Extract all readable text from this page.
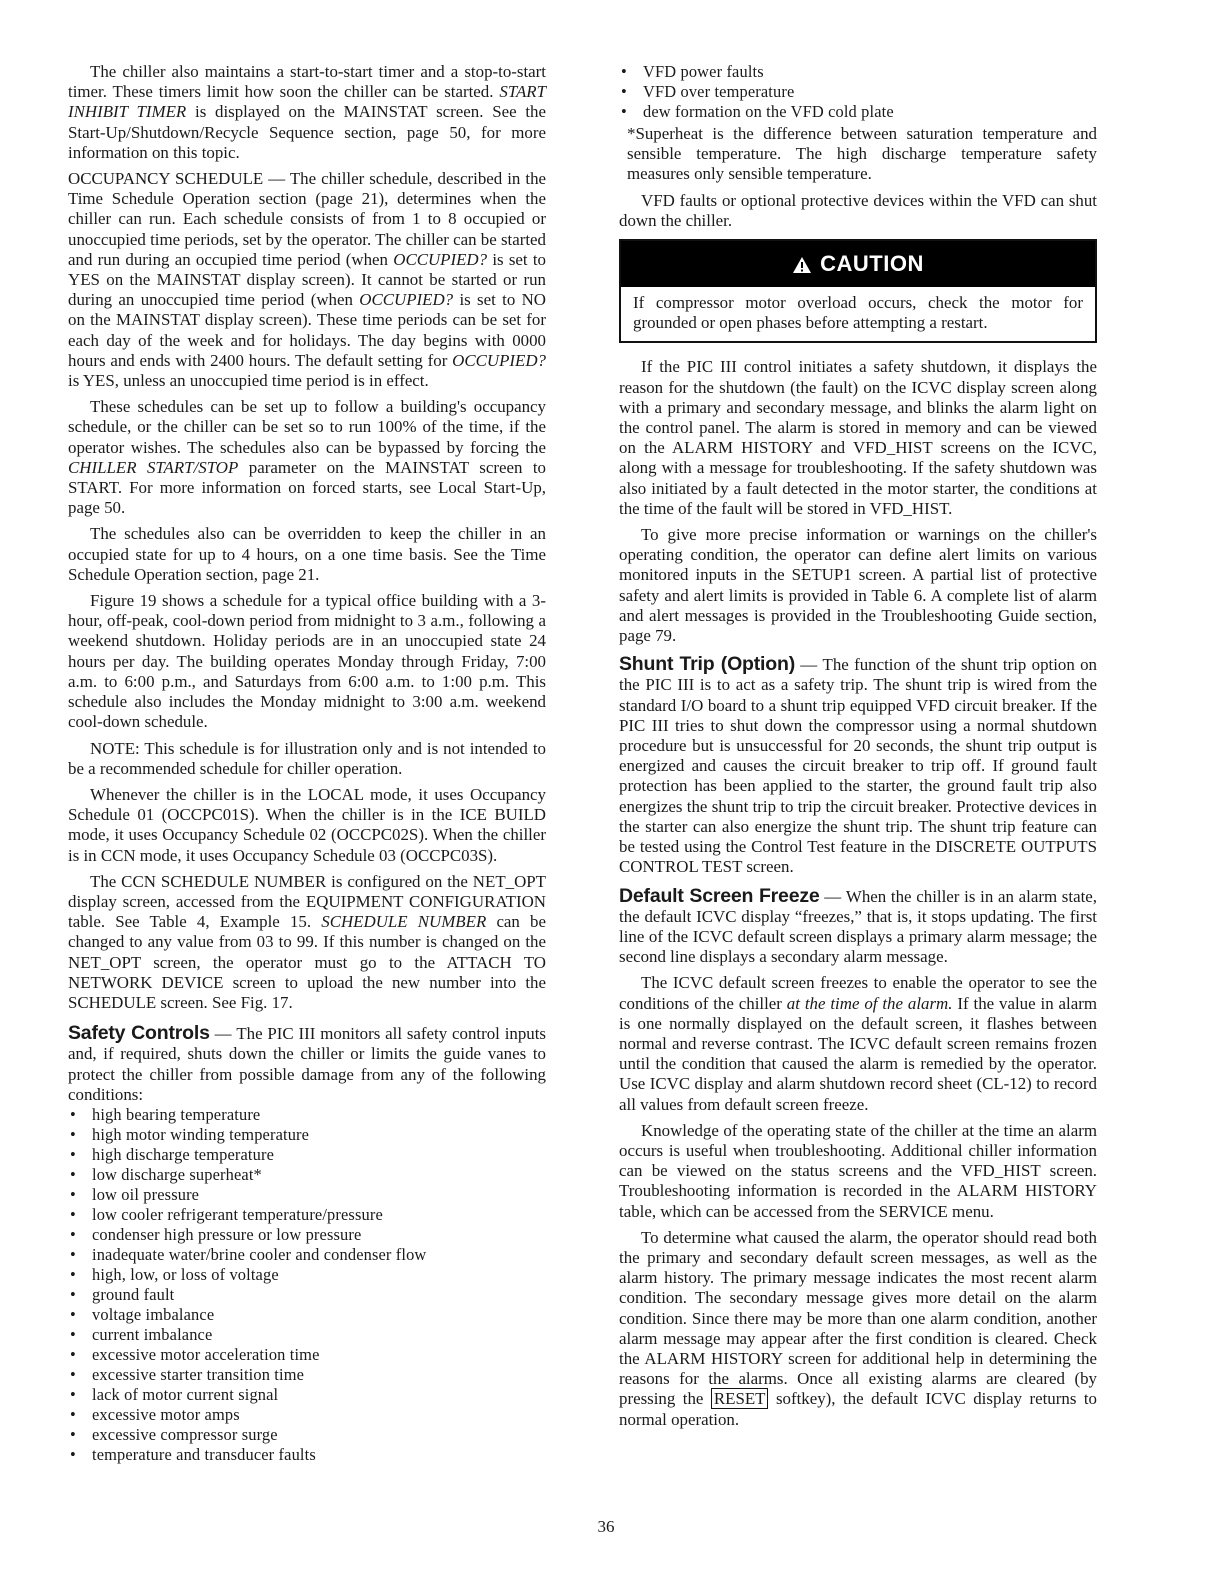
The chiller also maintains a start-to-start timer and a stop-to-start timer. These timers limit how soon the chiller can be started. START INHIBIT TIMER is displayed on the MAINSTAT screen. See the Start-Up/Shutdown/Recycle Sequence section, page 50, for more information on this topic.

OCCUPANCY SCHEDULE — The chiller schedule, described in the Time Schedule Operation section (page 21), determines when the chiller can run. Each schedule consists of from 1 to 8 occupied or unoccupied time periods, set by the operator. The chiller can be started and run during an occupied time period (when OCCUPIED? is set to YES on the MAINSTAT display screen). It cannot be started or run during an unoccupied time period (when OCCUPIED? is set to NO on the MAINSTAT display screen). These time periods can be set for each day of the week and for holidays. The day begins with 0000 hours and ends with 2400 hours. The default setting for OCCUPIED? is YES, unless an unoccupied time period is in effect.

These schedules can be set up to follow a building's occupancy schedule, or the chiller can be set so to run 100% of the time, if the operator wishes. The schedules also can be bypassed by forcing the CHILLER START/STOP parameter on the MAINSTAT screen to START. For more information on forced starts, see Local Start-Up, page 50.

The schedules also can be overridden to keep the chiller in an occupied state for up to 4 hours, on a one time basis. See the Time Schedule Operation section, page 21.

Figure 19 shows a schedule for a typical office building with a 3-hour, off-peak, cool-down period from midnight to 3 a.m., following a weekend shutdown. Holiday periods are in an unoccupied state 24 hours per day. The building operates Monday through Friday, 7:00 a.m. to 6:00 p.m., and Saturdays from 6:00 a.m. to 1:00 p.m. This schedule also includes the Monday midnight to 3:00 a.m. weekend cool-down schedule.

NOTE: This schedule is for illustration only and is not intended to be a recommended schedule for chiller operation.

Whenever the chiller is in the LOCAL mode, it uses Occupancy Schedule 01 (OCCPC01S). When the chiller is in the ICE BUILD mode, it uses Occupancy Schedule 02 (OCCPC02S). When the chiller is in CCN mode, it uses Occupancy Schedule 03 (OCCPC03S).

The CCN SCHEDULE NUMBER is configured on the NET_OPT display screen, accessed from the EQUIPMENT CONFIGURATION table. See Table 4, Example 15. SCHEDULE NUMBER can be changed to any value from 03 to 99. If this number is changed on the NET_OPT screen, the operator must go to the ATTACH TO NETWORK DEVICE screen to upload the new number into the SCHEDULE screen. See Fig. 17.

Safety Controls — The PIC III monitors all safety control inputs and, if required, shuts down the chiller or limits the guide vanes to protect the chiller from possible damage from any of the following conditions:

• high bearing temperature
• high motor winding temperature
• high discharge temperature
• low discharge superheat*
• low oil pressure
• low cooler refrigerant temperature/pressure
• condenser high pressure or low pressure
• inadequate water/brine cooler and condenser flow
• high, low, or loss of voltage
• ground fault
• voltage imbalance
• current imbalance
• excessive motor acceleration time
• excessive starter transition time
• lack of motor current signal
• excessive motor amps
• excessive compressor surge
• temperature and transducer faults
• VFD power faults
• VFD over temperature
• dew formation on the VFD cold plate

*Superheat is the difference between saturation temperature and sensible temperature. The high discharge temperature safety measures only sensible temperature.

VFD faults or optional protective devices within the VFD can shut down the chiller.

CAUTION
If compressor motor overload occurs, check the motor for grounded or open phases before attempting a restart.

If the PIC III control initiates a safety shutdown, it displays the reason for the shutdown (the fault) on the ICVC display screen along with a primary and secondary message, and blinks the alarm light on the control panel. The alarm is stored in memory and can be viewed on the ALARM HISTORY and VFD_HIST screens on the ICVC, along with a message for troubleshooting. If the safety shutdown was also initiated by a fault detected in the motor starter, the conditions at the time of the fault will be stored in VFD_HIST.

To give more precise information or warnings on the chiller's operating condition, the operator can define alert limits on various monitored inputs in the SETUP1 screen. A partial list of protective safety and alert limits is provided in Table 6. A complete list of alarm and alert messages is provided in the Troubleshooting Guide section, page 79.

Shunt Trip (Option) — The function of the shunt trip option on the PIC III is to act as a safety trip. The shunt trip is wired from the standard I/O board to a shunt trip equipped VFD circuit breaker. If the PIC III tries to shut down the compressor using a normal shutdown procedure but is unsuccessful for 20 seconds, the shunt trip output is energized and causes the circuit breaker to trip off. If ground fault protection has been applied to the starter, the ground fault trip also energizes the shunt trip to trip the circuit breaker. Protective devices in the starter can also energize the shunt trip. The shunt trip feature can be tested using the Control Test feature in the DISCRETE OUTPUTS CONTROL TEST screen.

Default Screen Freeze — When the chiller is in an alarm state, the default ICVC display “freezes,” that is, it stops updating. The first line of the ICVC default screen displays a primary alarm message; the second line displays a secondary alarm message.

The ICVC default screen freezes to enable the operator to see the conditions of the chiller at the time of the alarm. If the value in alarm is one normally displayed on the default screen, it flashes between normal and reverse contrast. The ICVC default screen remains frozen until the condition that caused the alarm is remedied by the operator. Use ICVC display and alarm shutdown record sheet (CL-12) to record all values from default screen freeze.

Knowledge of the operating state of the chiller at the time an alarm occurs is useful when troubleshooting. Additional chiller information can be viewed on the status screens and the VFD_HIST screen. Troubleshooting information is recorded in the ALARM HISTORY table, which can be accessed from the SERVICE menu.

To determine what caused the alarm, the operator should read both the primary and secondary default screen messages, as well as the alarm history. The primary message indicates the most recent alarm condition. The secondary message gives more detail on the alarm condition. Since there may be more than one alarm condition, another alarm message may appear after the first condition is cleared. Check the ALARM HISTORY screen for additional help in determining the reasons for the alarms. Once all existing alarms are cleared (by pressing the RESET softkey), the default ICVC display returns to normal operation.

36
